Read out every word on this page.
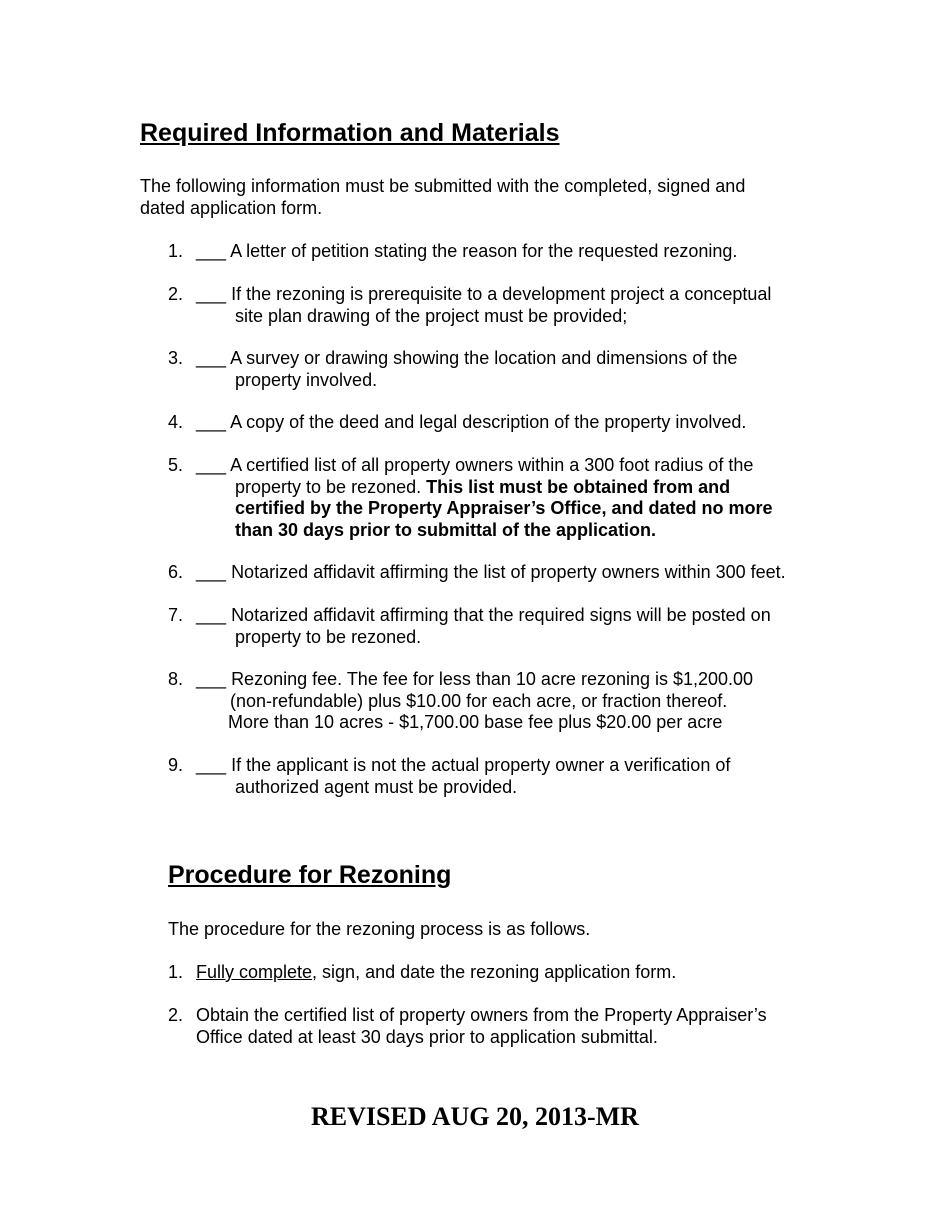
Required Information and Materials
The following information must be submitted with the completed, signed and
dated application form.
1. ___ A letter of petition stating the reason for the requested rezoning.
2. ___ If the rezoning is prerequisite to a development project a conceptual
site plan drawing of the project must be provided;
3. ___ A survey or drawing showing the location and dimensions of the
property involved.
4. ___ A copy of the deed and legal description of the property involved.
5. ___ A certified list of all property owners within a 300 foot radius of the
property to be rezoned. This list must be obtained from and
certified by the Property Appraiser’s Office, and dated no more
than 30 days prior to submittal of the application.
6. ___ Notarized affidavit affirming the list of property owners within 300 feet.
7. ___ Notarized affidavit affirming that the required signs will be posted on
property to be rezoned.
8. ___ Rezoning fee. The fee for less than 10 acre rezoning is $1,200.00
(non-refundable) plus $10.00 for each acre, or fraction thereof.
More than 10 acres - $1,700.00 base fee plus $20.00 per acre
9. ___ If the applicant is not the actual property owner a verification of
authorized agent must be provided.
Procedure for Rezoning
The procedure for the rezoning process is as follows.
1. Fully complete, sign, and date the rezoning application form.
2. Obtain the certified list of property owners from the Property Appraiser’s
Office dated at least 30 days prior to application submittal.
REVISED AUG 20, 2013-MR
